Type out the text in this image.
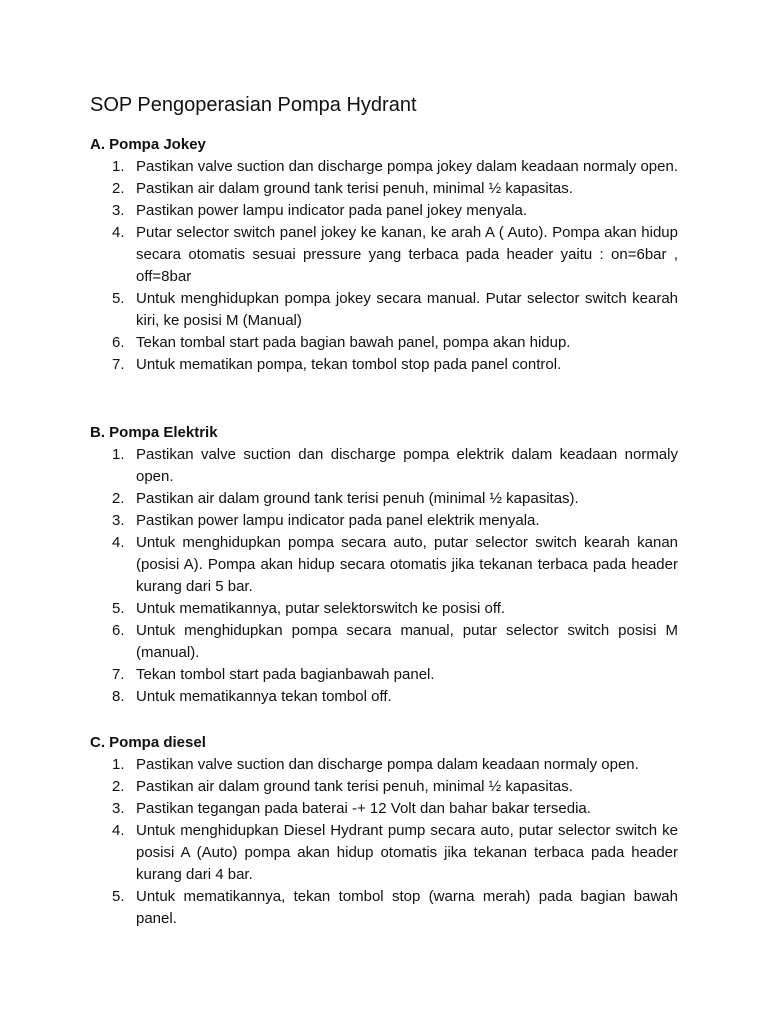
SOP Pengoperasian Pompa Hydrant
A. Pompa Jokey
1. Pastikan valve suction dan discharge pompa jokey dalam keadaan normaly open.
2. Pastikan air dalam ground tank terisi penuh, minimal ½ kapasitas.
3. Pastikan power lampu indicator pada panel jokey menyala.
4. Putar selector switch panel jokey ke kanan, ke arah A ( Auto). Pompa akan hidup secara otomatis sesuai pressure yang terbaca pada header yaitu : on=6bar , off=8bar
5. Untuk menghidupkan pompa jokey secara manual. Putar selector switch kearah kiri, ke posisi M (Manual)
6. Tekan tombal start pada bagian bawah panel, pompa akan hidup.
7. Untuk mematikan pompa, tekan tombol stop pada panel control.
B. Pompa Elektrik
1. Pastikan valve suction dan discharge pompa elektrik dalam keadaan normaly open.
2. Pastikan air dalam ground tank terisi penuh (minimal ½ kapasitas).
3. Pastikan power lampu indicator pada panel elektrik menyala.
4. Untuk menghidupkan pompa secara auto, putar selector switch kearah kanan (posisi A). Pompa akan hidup secara otomatis jika tekanan terbaca pada header kurang dari 5 bar.
5. Untuk mematikannya, putar selektorswitch ke posisi off.
6. Untuk menghidupkan pompa secara manual, putar selector switch posisi M (manual).
7. Tekan tombol start pada bagianbawah panel.
8. Untuk mematikannya tekan tombol off.
C. Pompa diesel
1. Pastikan valve suction dan discharge pompa dalam keadaan normaly open.
2. Pastikan air dalam ground tank terisi penuh, minimal ½ kapasitas.
3. Pastikan tegangan pada baterai -+ 12 Volt dan bahar bakar tersedia.
4. Untuk menghidupkan Diesel Hydrant pump secara auto, putar selector switch ke posisi A (Auto) pompa akan hidup otomatis jika tekanan terbaca pada header kurang dari 4 bar.
5. Untuk mematikannya, tekan tombol stop (warna merah) pada bagian bawah panel.
